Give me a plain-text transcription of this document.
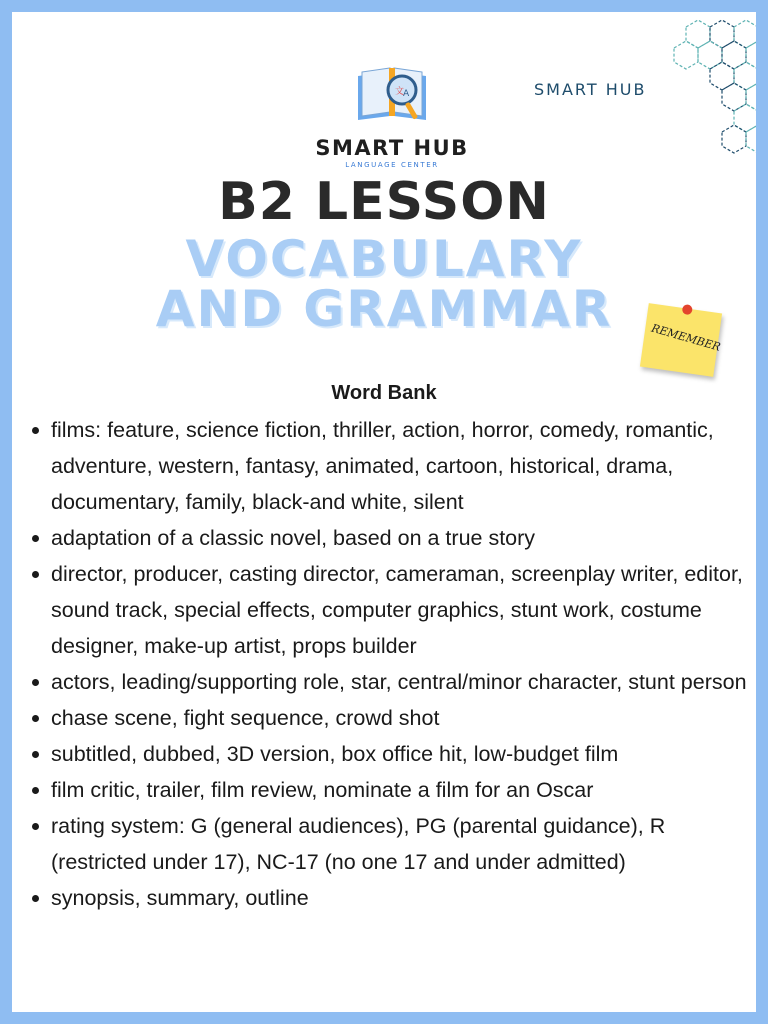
文
A
SMART HUB
LANGUAGE CENTER
SMART HUB
B2 LESSON
VOCABULARY
AND GRAMMAR	REMEMBER
Word Bank
films: feature, science fiction, thriller, action, horror, comedy, romantic, adventure, western, fantasy, animated, cartoon, historical, drama, documentary, family, black-and white, silent
adaptation of a classic novel, based on a true story
director, producer, casting director, cameraman, screenplay writer, editor, sound track, special effects, computer graphics, stunt work, costume designer, make-up artist, props builder
actors, leading/supporting role, star, central/minor character, stunt person
chase scene, fight sequence, crowd shot
subtitled, dubbed, 3D version, box office hit, low-budget film
film critic, trailer, film review, nominate a film for an Oscar
rating system: G (general audiences), PG (parental guidance), R (restricted under 17), NC-17 (no one 17 and under admitted)
synopsis, summary, outline
